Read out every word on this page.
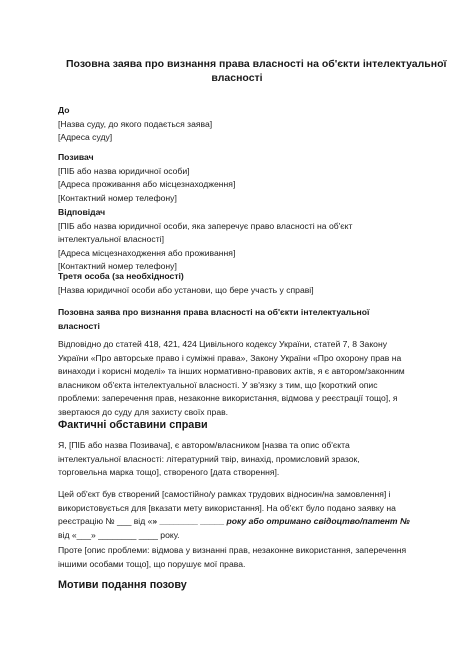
Позовна заява про визнання права власності на об'єкти інтелектуальної
власності
До
[Назва суду, до якого подається заява]
[Адреса суду]
Позивач
[ПІБ або назва юридичної особи]
[Адреса проживання або місцезнаходження]
[Контактний номер телефону]
Відповідач
[ПІБ або назва юридичної особи, яка заперечує право власності на об'єкт
інтелектуальної власності]
[Адреса місцезнаходження або проживання]
[Контактний номер телефону]
Третя особа (за необхідності)
[Назва юридичної особи або установи, що бере участь у справі]
Позовна заява про визнання права власності на об'єкти інтелектуальної
власності
Відповідно до статей 418, 421, 424 Цивільного кодексу України, статей 7, 8 Закону
України «Про авторське право і суміжні права», Закону України «Про охорону прав на
винаходи і корисні моделі» та інших нормативно-правових актів, я є автором/законним
власником об'єкта інтелектуальної власності. У зв'язку з тим, що [короткий опис
проблеми: заперечення прав, незаконне використання, відмова у реєстрації тощо], я
звертаюся до суду для захисту своїх прав.
Фактичні обставини справи
Я, [ПІБ або назва Позивача], є автором/власником [назва та опис об'єкта
інтелектуальної власності: літературний твір, винахід, промисловий зразок,
торговельна марка тощо], створеного [дата створення].
Цей об'єкт був створений [самостійно/у рамках трудових відносин/на замовлення] і
використовується для [вказати мету використання]. На об'єкт було подано заявку на
реєстрацію № ___ від «» ________ _____ року або отримано свідоцтво/патент №
від «___» ________ ____ року.
Проте [опис проблеми: відмова у визнанні прав, незаконне використання, заперечення
іншими особами тощо], що порушує мої права.
Мотиви подання позову
